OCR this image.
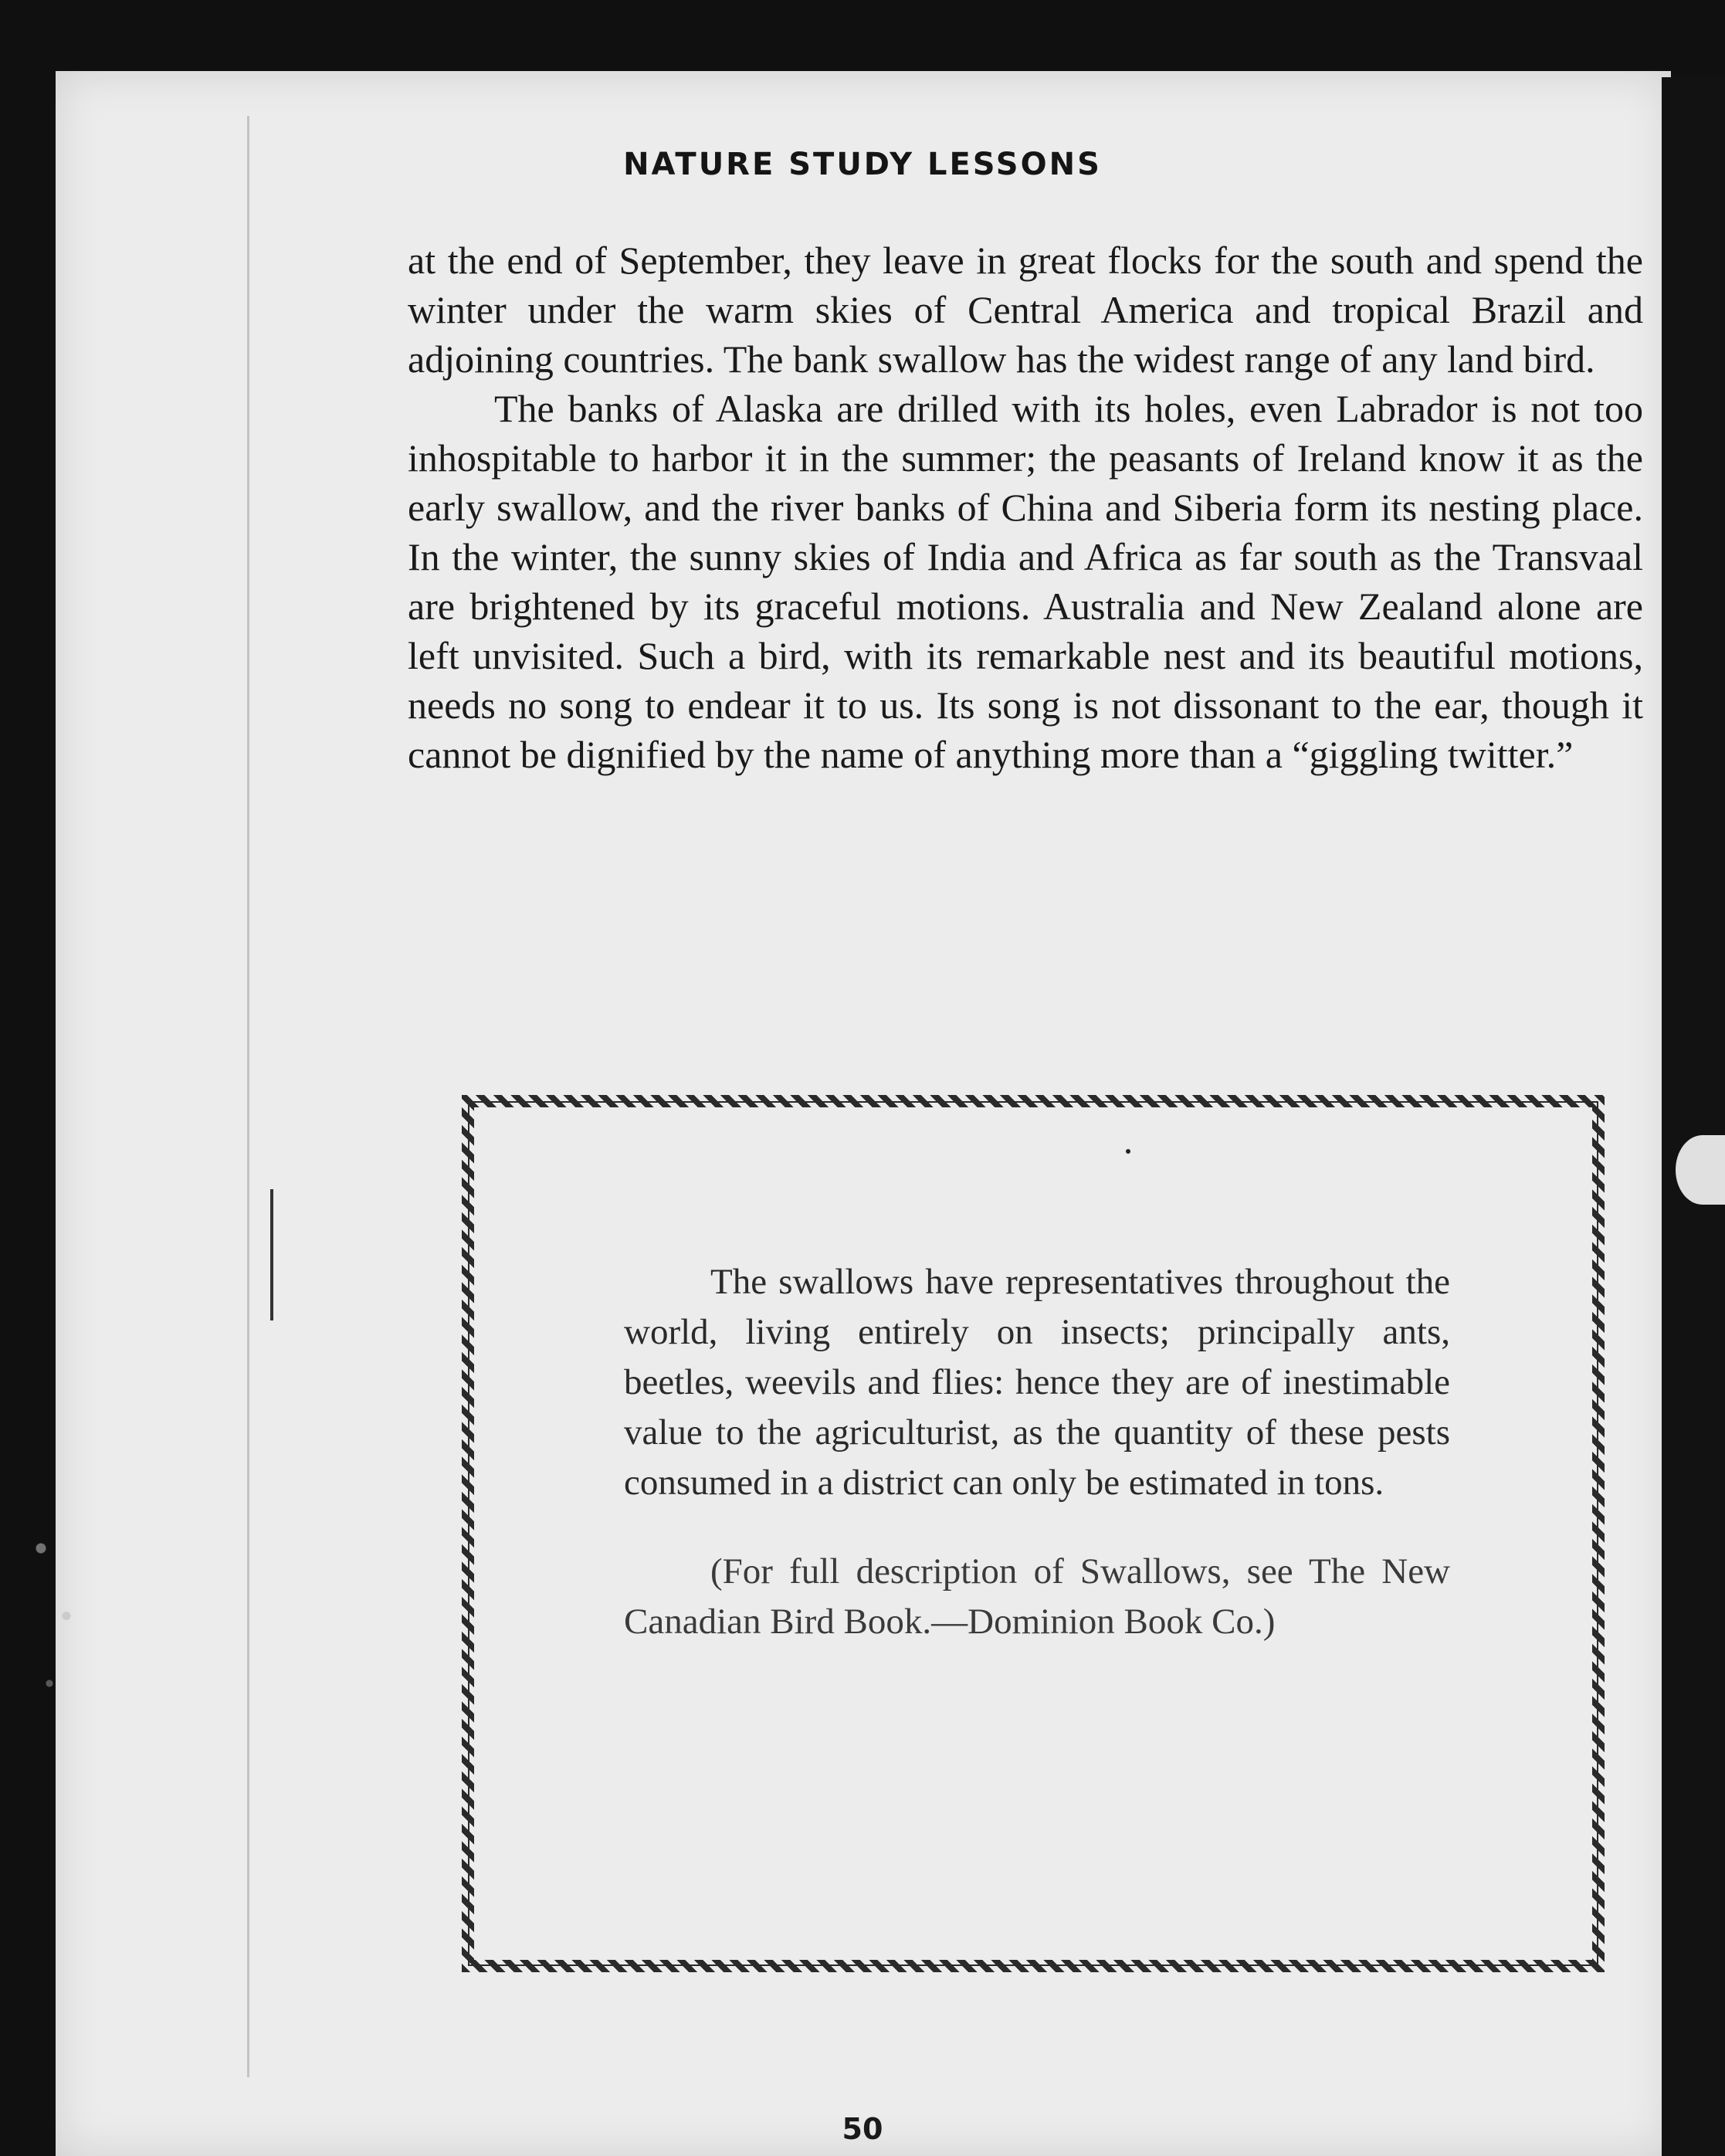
NATURE STUDY LESSONS

at the end of September, they leave in great flocks for the south and spend the winter under the warm skies of Central America and tropical Brazil and adjoining countries. The bank swallow has the widest range of any land bird.

The banks of Alaska are drilled with its holes, even Labrador is not too inhospitable to harbor it in the summer; the peasants of Ireland know it as the early swallow, and the river banks of China and Siberia form its nesting place. In the winter, the sunny skies of India and Africa as far south as the Transvaal are brightened by its graceful motions. Australia and New Zealand alone are left unvisited. Such a bird, with its remarkable nest and its beautiful motions, needs no song to endear it to us. Its song is not dissonant to the ear, though it cannot be dignified by the name of anything more than a “giggling twitter.”

The swallows have representatives throughout the world, living entirely on insects; principally ants, beetles, weevils and flies: hence they are of inestimable value to the agriculturist, as the quantity of these pests consumed in a district can only be estimated in tons.

(For full description of Swallows, see The New Canadian Bird Book.—Dominion Book Co.)

50
